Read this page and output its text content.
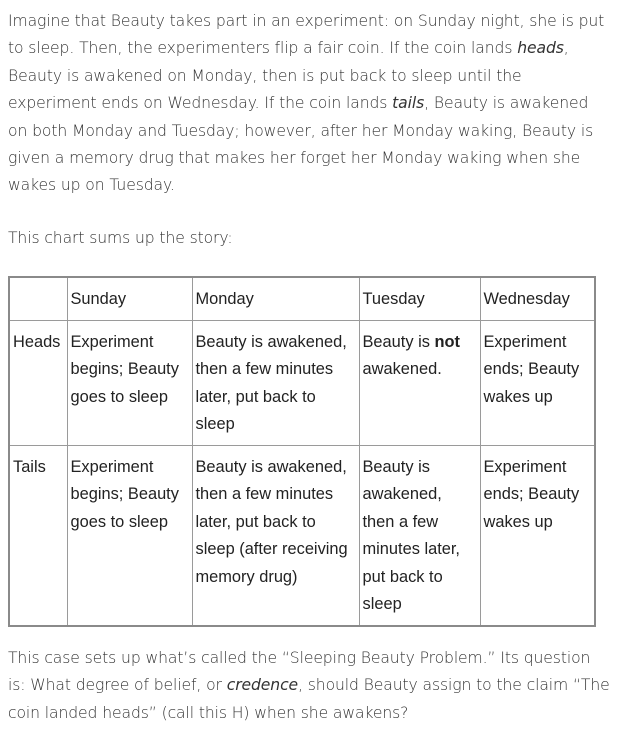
Imagine that Beauty takes part in an experiment: on Sunday night, she is put to sleep. Then, the experimenters flip a fair coin. If the coin lands heads, Beauty is awakened on Monday, then is put back to sleep until the experiment ends on Wednesday. If the coin lands tails, Beauty is awakened on both Monday and Tuesday; however, after her Monday waking, Beauty is given a memory drug that makes her forget her Monday waking when she wakes up on Tuesday.

This chart sums up the story:

	Sunday	Monday	Tuesday	Wednesday
Heads	Experiment begins; Beauty goes to sleep	Beauty is awakened, then a few minutes later, put back to sleep	Beauty is not awakened.	Experiment ends; Beauty wakes up
Tails	Experiment begins; Beauty goes to sleep	Beauty is awakened, then a few minutes later, put back to sleep (after receiving memory drug)	Beauty is awakened, then a few minutes later, put back to sleep	Experiment ends; Beauty wakes up

This case sets up what’s called the “Sleeping Beauty Problem.” Its question is: What degree of belief, or credence, should Beauty assign to the claim “The coin landed heads” (call this H) when she awakens?
